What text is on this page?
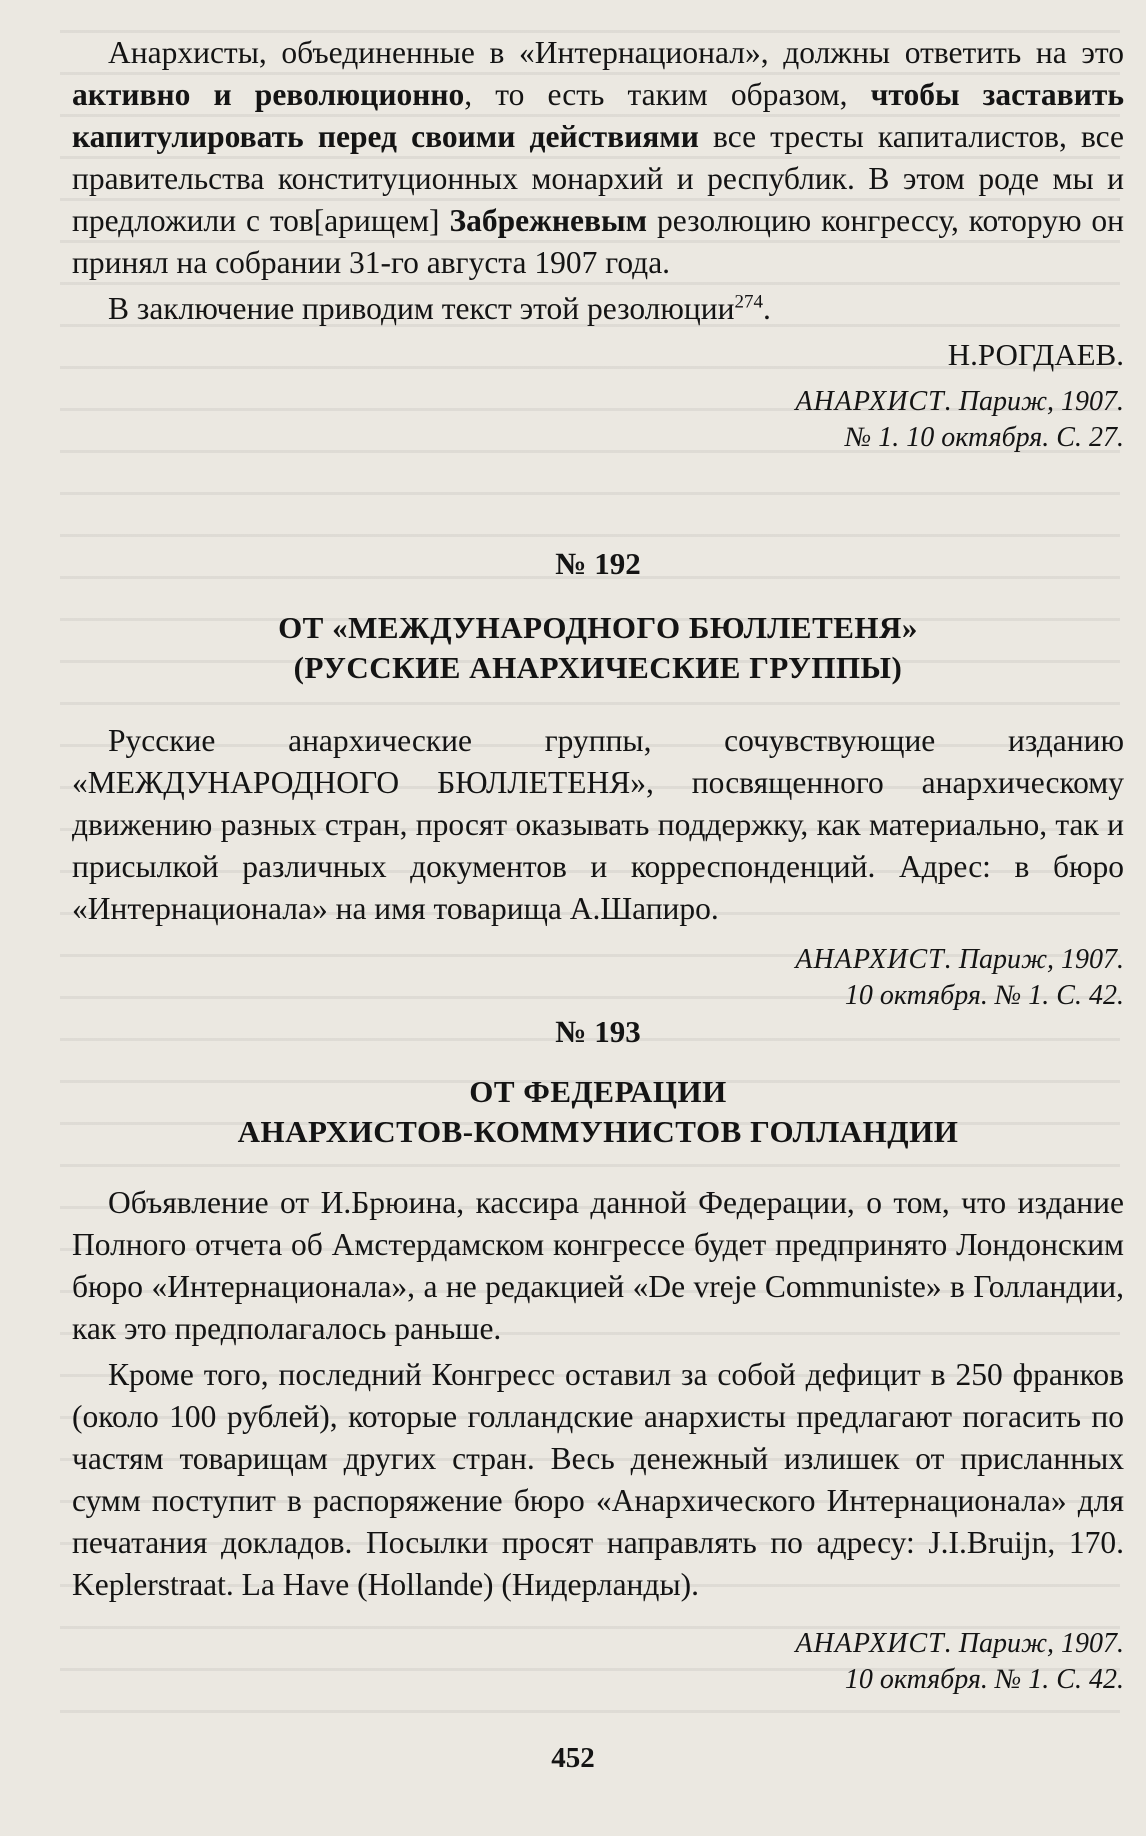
Анархисты, объединенные в «Интернационал», должны ответить на это активно и революционно, то есть таким образом, чтобы заставить капитулировать перед своими действиями все тресты капиталистов, все правительства конституционных монархий и республик. В этом роде мы и предложили с тов[арищем] Забрежневым резолюцию конгрессу, которую он принял на собрании 31-го августа 1907 года.

В заключение приводим текст этой резолюции$^{274}$.

Н.РОГДАЕВ.

АНАРХИСТ. Париж, 1907.

№ 1. 10 октября. С. 27.

№ 192

ОТ «МЕЖДУНАРОДНОГО БЮЛЛЕТЕНЯ»

(РУССКИЕ АНАРХИЧЕСКИЕ ГРУППЫ)

Русские анархические группы, сочувствующие изданию «МЕЖДУНАРОДНОГО БЮЛЛЕТЕНЯ», посвященного анархическому движению разных стран, просят оказывать поддержку, как материально, так и присылкой различных документов и корреспонденций. Адрес: в бюро «Интернационала» на имя товарища А.Шапиро.

АНАРХИСТ. Париж, 1907.

10 октября. № 1. С. 42.

№ 193

ОТ ФЕДЕРАЦИИ

АНАРХИСТОВ-КОММУНИСТОВ ГОЛЛАНДИИ

Объявление от И.Брюина, кассира данной Федерации, о том, что издание Полного отчета об Амстердамском конгрессе будет предпринято Лондонским бюро «Интернационала», а не редакцией «De vreje Communiste» в Голландии, как это предполагалось раньше.

Кроме того, последний Конгресс оставил за собой дефицит в 250 франков (около 100 рублей), которые голландские анархисты предлагают погасить по частям товарищам других стран. Весь денежный излишек от присланных сумм поступит в распоряжение бюро «Анархического Интернационала» для печатания докладов. Посылки просят направлять по адресу: J.I.Bruijn, 170. Keplerstraat. La Have (Hollande) (Нидерланды).

АНАРХИСТ. Париж, 1907.

10 октября. № 1. С. 42.

452
